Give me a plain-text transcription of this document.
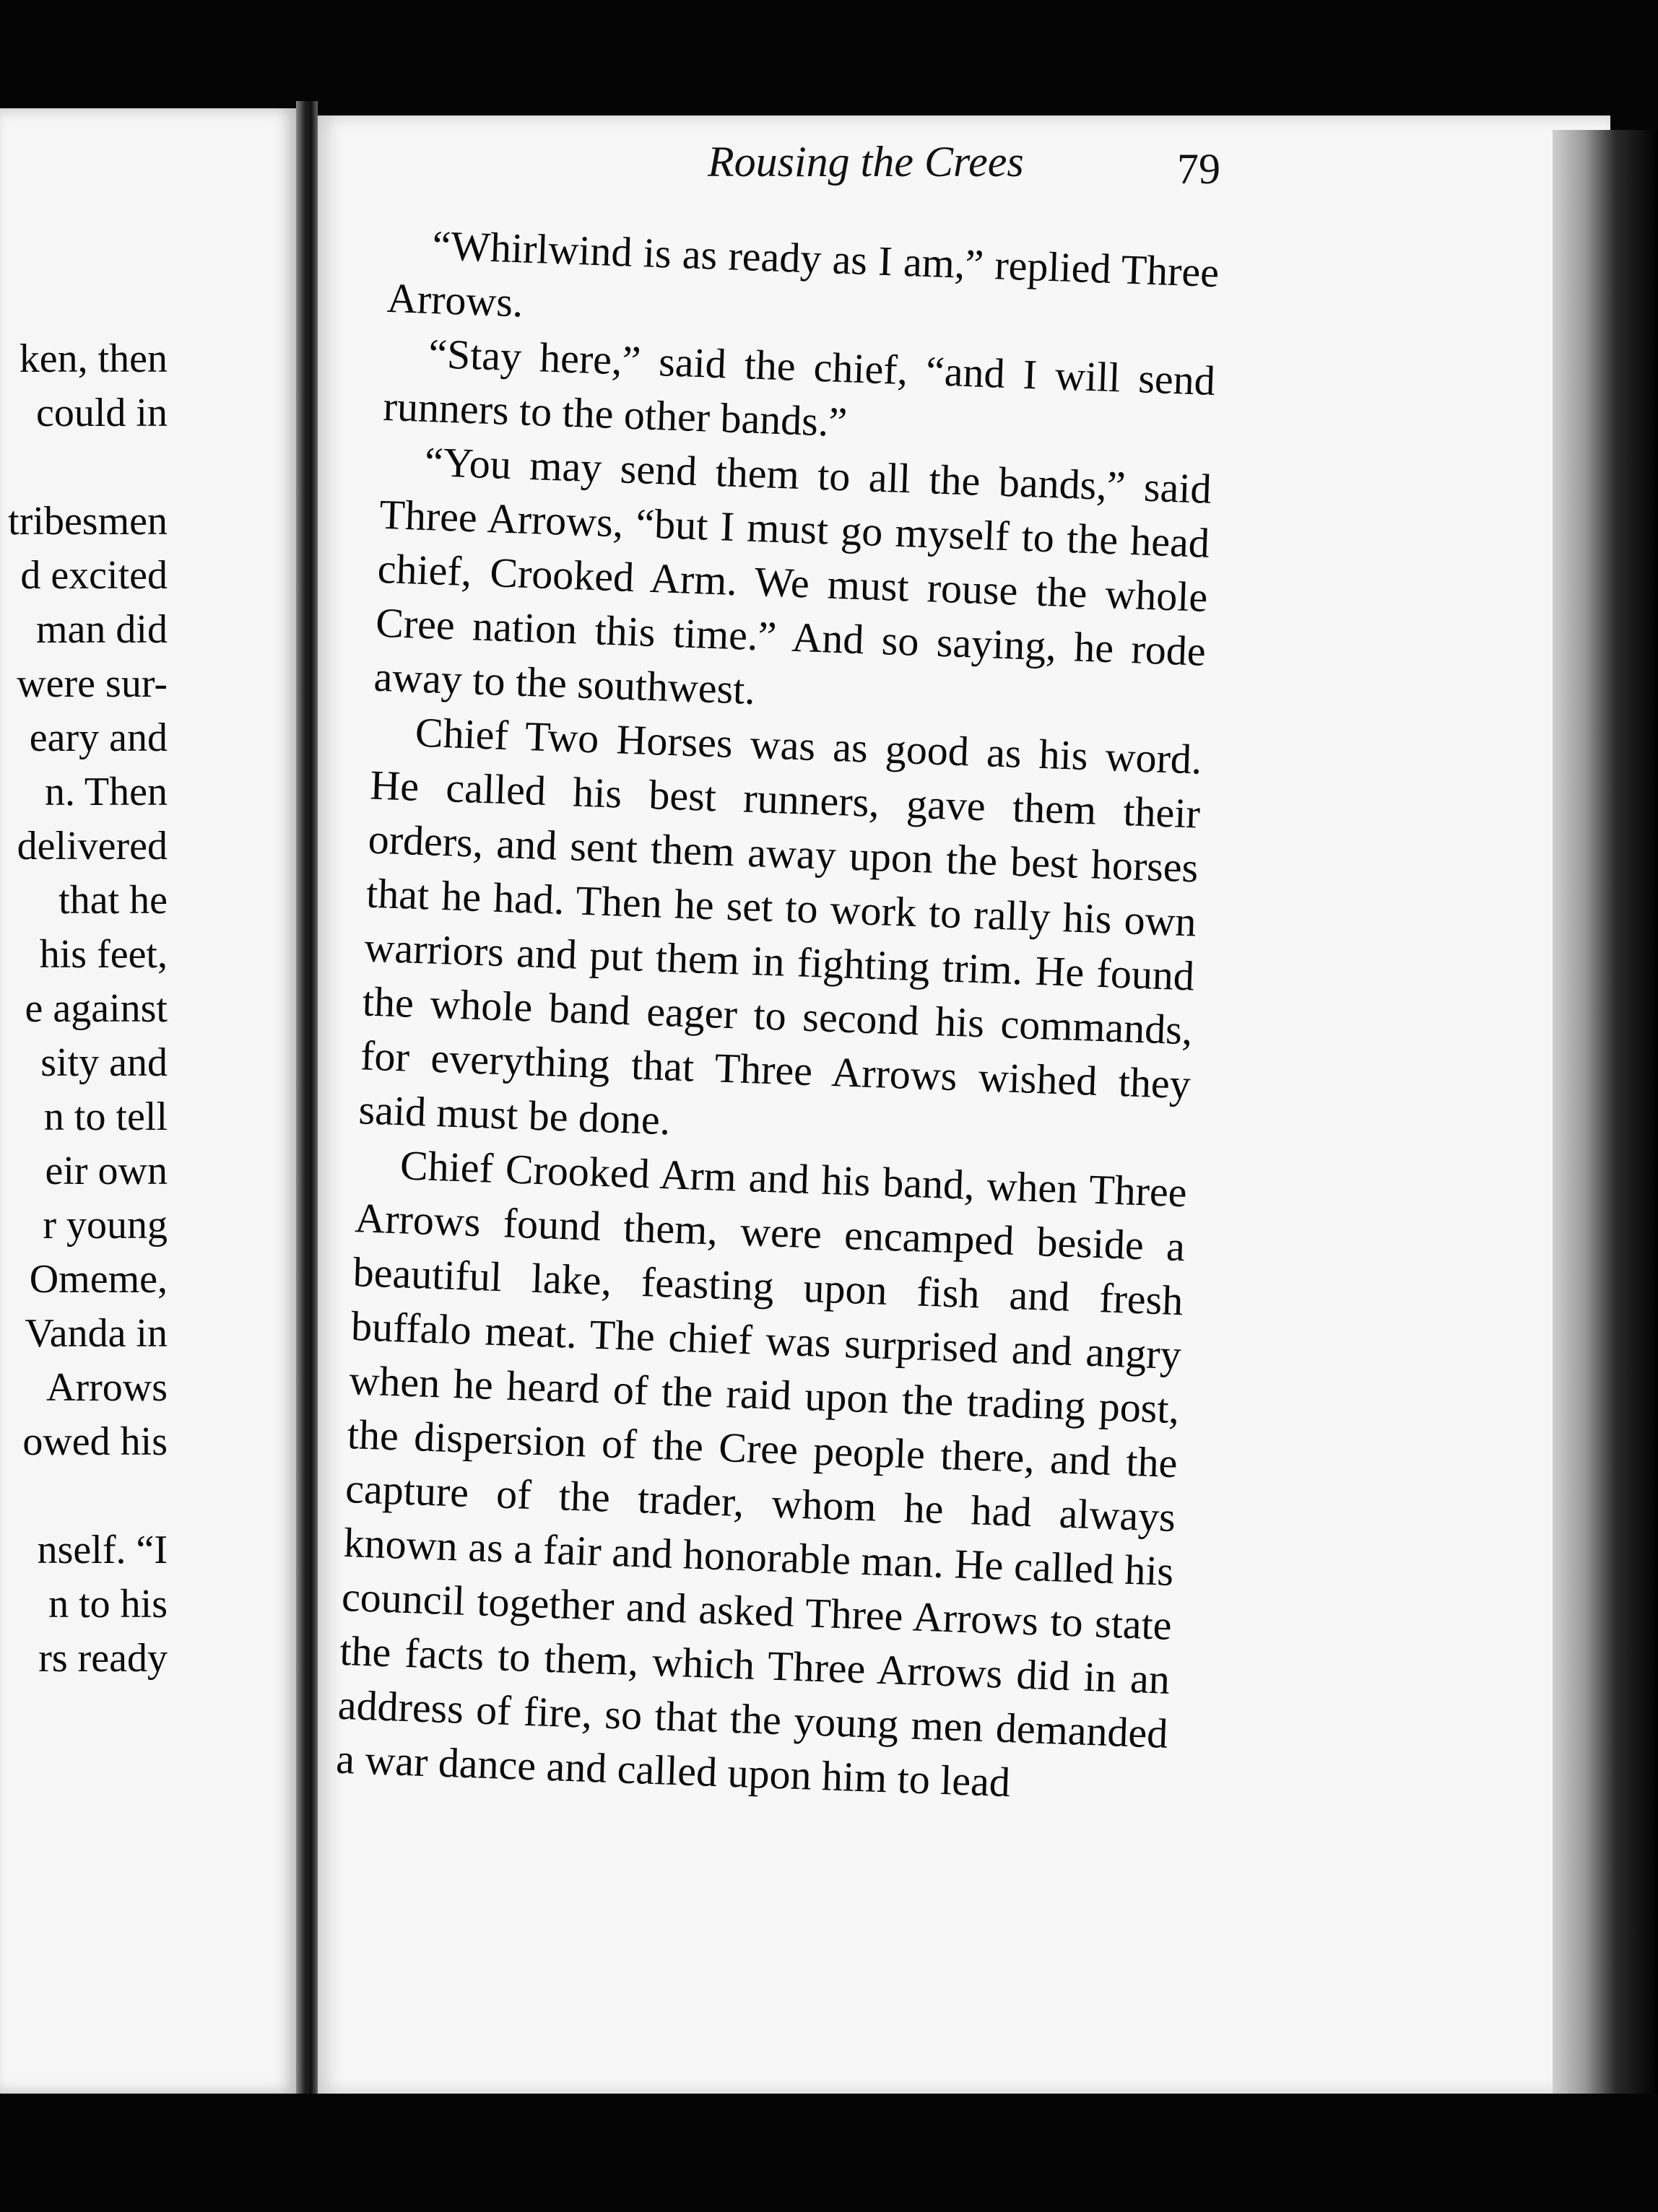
ken, then
could in
tribesmen
d excited
man did
were sur-
eary and
n. Then
delivered
that he
his feet,
e against
sity and
n to tell
eir own
r young
Omeme,
Vanda in
Arrows
owed his
nself. “I
n to his
rs ready
Rousing the Crees	79

“Whirlwind is as ready as I am,” replied Three Arrows.

“Stay here,” said the chief, “and I will send runners to the other bands.”

“You may send them to all the bands,” said Three Arrows, “but I must go myself to the head chief, Crooked Arm. We must rouse the whole Cree nation this time.” And so saying, he rode away to the southwest.

Chief Two Horses was as good as his word. He called his best runners, gave them their orders, and sent them away upon the best horses that he had. Then he set to work to rally his own warriors and put them in fighting trim. He found the whole band eager to second his commands, for everything that Three Arrows wished they said must be done.

Chief Crooked Arm and his band, when Three Arrows found them, were encamped beside a beautiful lake, feasting upon fish and fresh buffalo meat. The chief was surprised and angry when he heard of the raid upon the trading post, the dispersion of the Cree people there, and the capture of the trader, whom he had always known as a fair and honorable man. He called his council together and asked Three Arrows to state the facts to them, which Three Arrows did in an address of fire, so that the young men demanded a war dance and called upon him to lead
